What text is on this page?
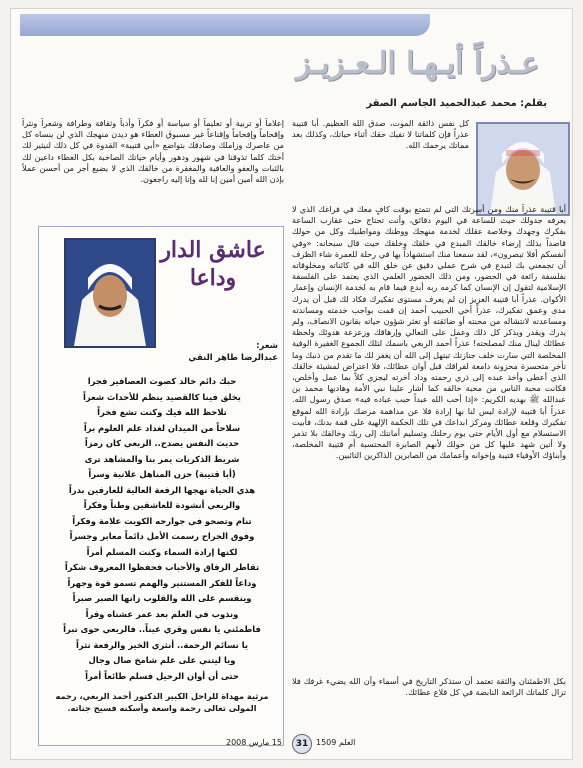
عـذراً أيـهـا الـعـزيـز
بقلم: محمد عبدالحميد الجاسم الصقر
كل نفس ذائقة الموت، صدق الله العظيم. أبا قتيبة عذراً فإن كلماتنا لا تفيك حقك أثناء حياتك، وكذلك بعد مماتك يرحمك الله.
أبا قتيبة عذراً منك ومن أسرتك التي لم تتمتع بوقت كافٍ معك في فراغك الذي لا يعرفه جدولك حيث للساعة في اليوم دقائق، وأنت تحتاج حتى عقارب الساعة بفكرك وجهدك وخلاصة عقلك لخدمة منهجك ووطنك ومواطنيك وكل من حولك قاصداً بذلك إرضاء خالقك المبدع في خلقك وخلقك حيث قال سبحانه: «وفي أنفسكم أفلا تبصرون»، لقد سمعنا منك استشهاداً بها في رحلة للعمرة شاء الظرف أن تجمعني بك لتبدع في شرح عملي دقيق عن خلق الله في كائناته ومخلوقاته بفلسفة رائعة في الحضور، ومن ذلك الحضور العلمي الذي يعتمد على الفلسفة الإسلامية لتقول إن الإنسان كما كرمه ربه أبدع فيما قام به لخدمة الإنسان وإعمار الأكوان. عذراً أبا قتيبة العزيز إن لم يعرف مستوى تفكيرك فكاد لك قبل أن يدرك مدى وعمق تفكيرك، عذراً أخي الحبيب أحمد إن قمت بواجب خدمته ومساندته ومساعدته لانتشاله من محنته أو ضائقته أو تعثر شؤون حياته بقانون الانصاف، ولم يدرك ويقدر ويذكر كل ذلك وعمل على التعالي وإرهاقك وزعزعة هدوئك ولحظة عطائك لينال منك لمصلحته! عذراً أحمد الربعي باسمك لتلك الجموع الغفيرة الوفية المخلصة التي سارت خلف جنازتك تبتهل إلى الله أن يغفر لك ما تقدم من ذنبك وما تأخر متحسرة محزونة دامعة لفراقك قبل أوان عطائك، فلا اعتراض لمشيئة خالقك الذي أعطى وأخذ عبده إلى ذري رحمته وداد أخرته ليجزي كلاً بما عمل وأخلص، فكانت محبة الناس من محبة خالقه كما أشار علينا نبي الأمة وهاديها محمد بن عبدالله ﷺ بهديه الكريم: «إذا أحب الله عبداً حبب عباده فيه» صدق رسول الله. عذراً أبا قتيبة لإرادة ليس لنا بها إرادة فلا عن مداهمة مرضك بإرادة الله لموقع تفكيرك وقلعة عطائك ومركز ابداعك في تلك الحكمة الإلهية على قمة بدنك، فأبيت الاستسلام مع أول الأيام حتى يوم رحلتك وتسليم أمانتك إلى ربك وخالقك بلا تذمر ولا أنين شهد عليها كل من حولك لأنهم الصابرة المحتسبة أم قتيبة المخلصة، وأبناؤك الأوفياء قتيبة وإخوانه وأعمامك من الصابرين الذاكرين التائبين.
إعلاماً أو تربية أو تعليماً أو سياسة أو فكراً وأدباً وثقافة وطرافة وشعراً ونثراً وإقحاماً وإفحاماً وإقناعاً غير مسبوق العطاء هو ديدن منهجك الذي لن ينساه كل من عاصرك وزاملك وصادقك بتواضع «أبي قتيبة» القدوة في كل ذلك لنيثير لك أختك كلما تذوقنا في شهور ودهور وأيام حياتك الصاخبة بكل العطاء داعين لك بالثبات والعفو والعافية والمغفرة من خالقك الذي لا يضيع أجر من أحسن عملاً بإذن الله أمين أمين إنا لله وإنا إليه راجعون.
بكل الاطمئنان والثقة تعتمد أن ستذكر التاريخ في أسماء وأن الله يضيء غرفك فلا تزال كلماتك الرائعة النابضة في كل قلاع عطائك.
عاشق الدار وداعا
شعر:
عبدالرضا طاهر النقي
حبك دائم خالد كصوت العصافير فجرا
يخلق فينا كالقصيد ينظم للأحداث شعراً
تلاحظ الله فيك وكنت تشع فخراً
سلاحاً من الميدان لغداد علم العلوم براً
حديث النفس يصدح.. الربعي كان رمزاً
شريط الذكريات يمر بنا والمشاهد ترى
(أبا قتيبة) حزن المناهل علانية وسراً
هذي الحياة نهجها الرفعة العالية للعارفين بدراً
والربعي أنشودة للعاشقين وطناً وفكراً
تنام وتصحو في جوارحه الكويت علامة وفكراً
وفوق الجراح رسمت الأمل دائماً معابر وجسراً
لكنها إرادة السماء وكنت المسلم أمراً
تقاطر الرفاق والأحباب فحفظوا المعروف شكراً
وداعاً للفكر المستنير والهمم تسمو قوة وجهراً
وينقسم على الله والقلوب زانها الصبر صبراً
ونذوب في العلم بعد عمر عشناه وفراً
فاطمئني يا نفس وقري عيناً.. فالربعي حوى تبراً
يا نسائم الرحمة.. أنثري الخير والرفعة نثراً
ويا ليتني على علم شامخ صال وجال
حتى أن أوان الرحيل فسلم طائعاً أمراً
مرثية مهداة للراحل الكبير الدكتور أحمد الربعي، رحمه المولى تعالى رحمة واسعة وأسكنه فسيح جناته.
العلم 1509
31
15 مارس 2008
